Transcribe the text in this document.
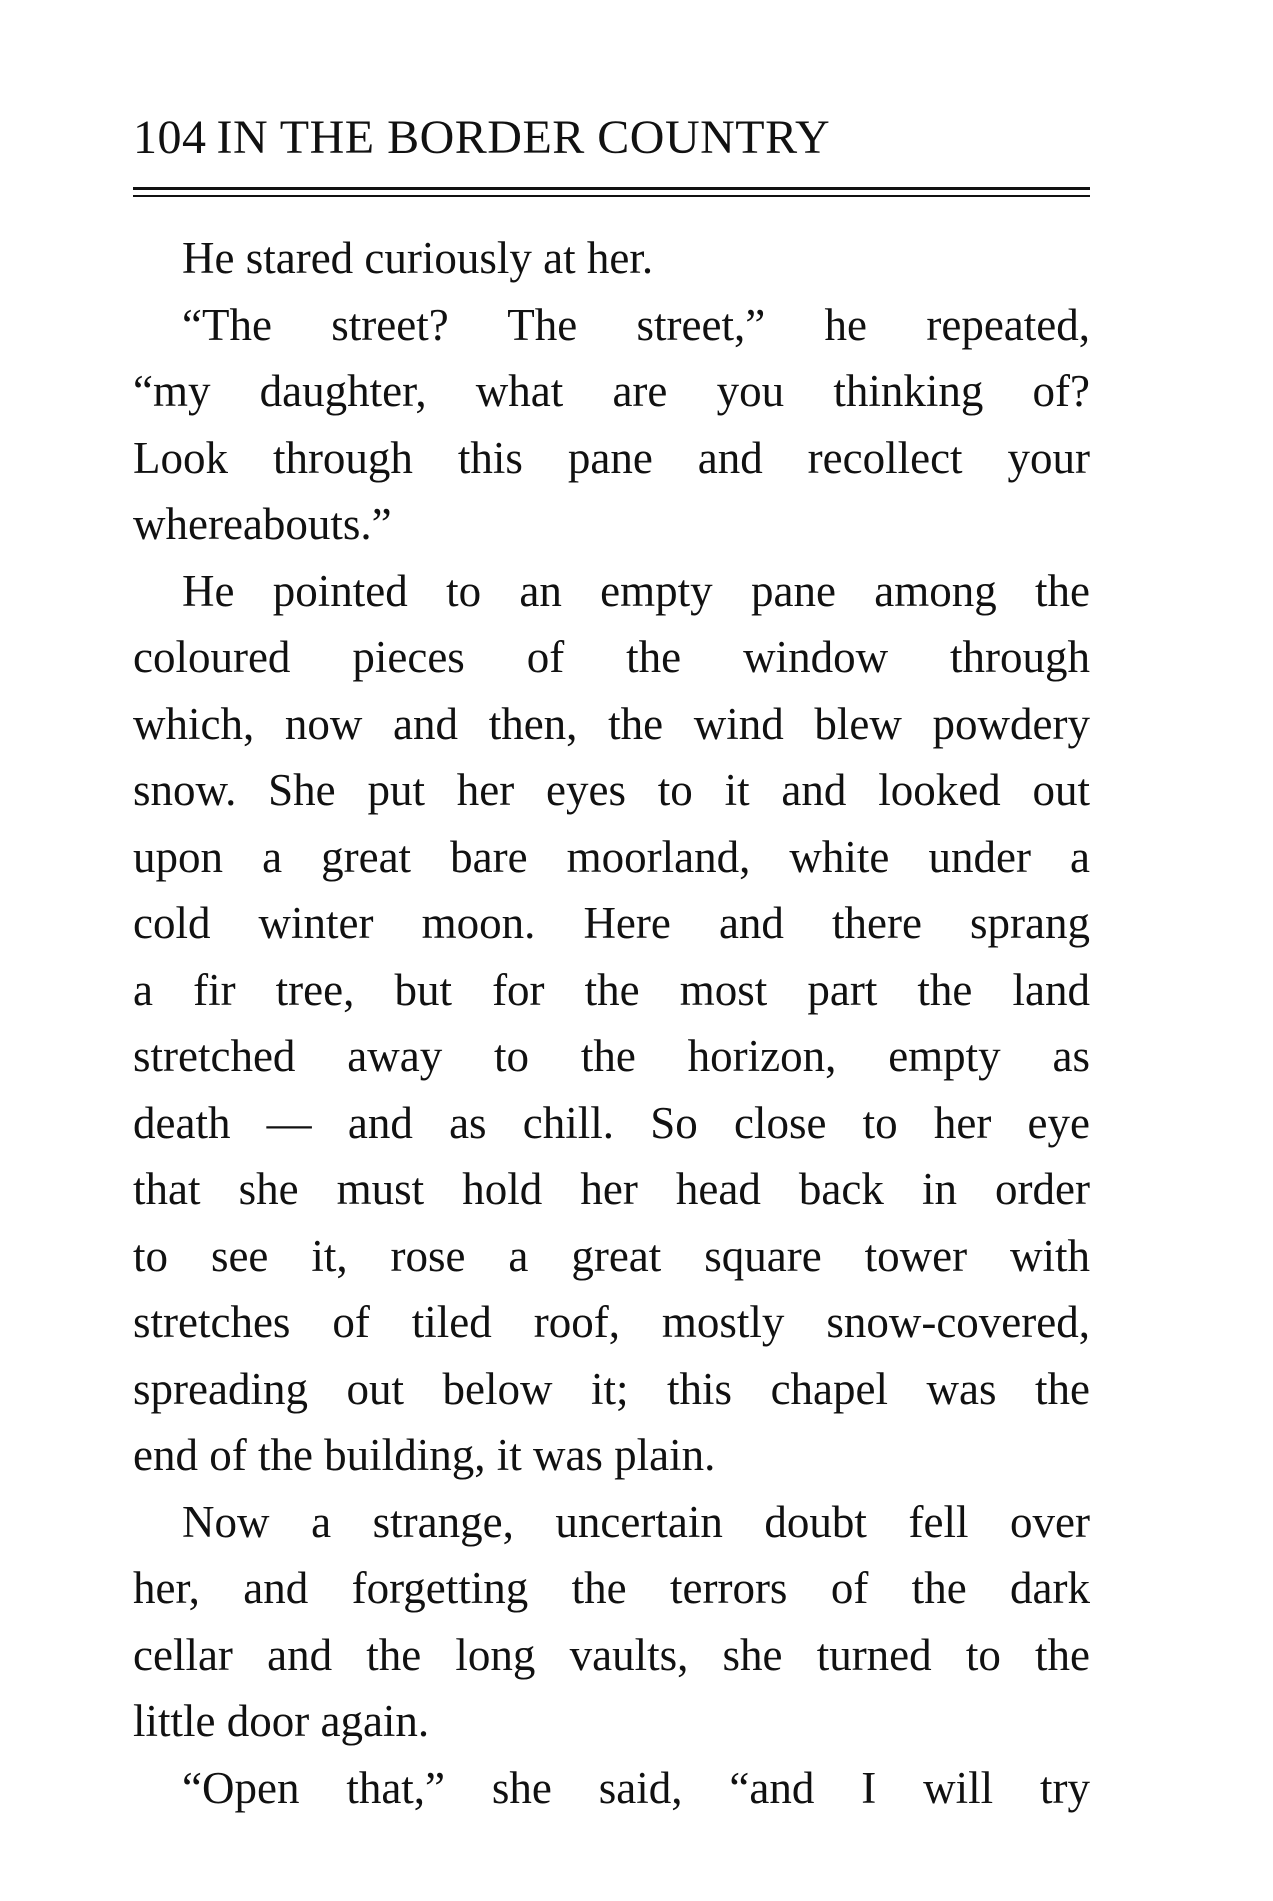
104 IN THE BORDER COUNTRY
He stared curiously at her.
“The street? The street,” he repeated,
“my daughter, what are you thinking of?
Look through this pane and recollect your
whereabouts.”
He pointed to an empty pane among the
coloured pieces of the window through
which, now and then, the wind blew powdery
snow. She put her eyes to it and looked out
upon a great bare moorland, white under a
cold winter moon. Here and there sprang
a fir tree, but for the most part the land
stretched away to the horizon, empty as
death — and as chill. So close to her eye
that she must hold her head back in order
to see it, rose a great square tower with
stretches of tiled roof, mostly snow-covered,
spreading out below it; this chapel was the
end of the building, it was plain.
Now a strange, uncertain doubt fell over
her, and forgetting the terrors of the dark
cellar and the long vaults, she turned to the
little door again.
“Open that,” she said, “and I will try
